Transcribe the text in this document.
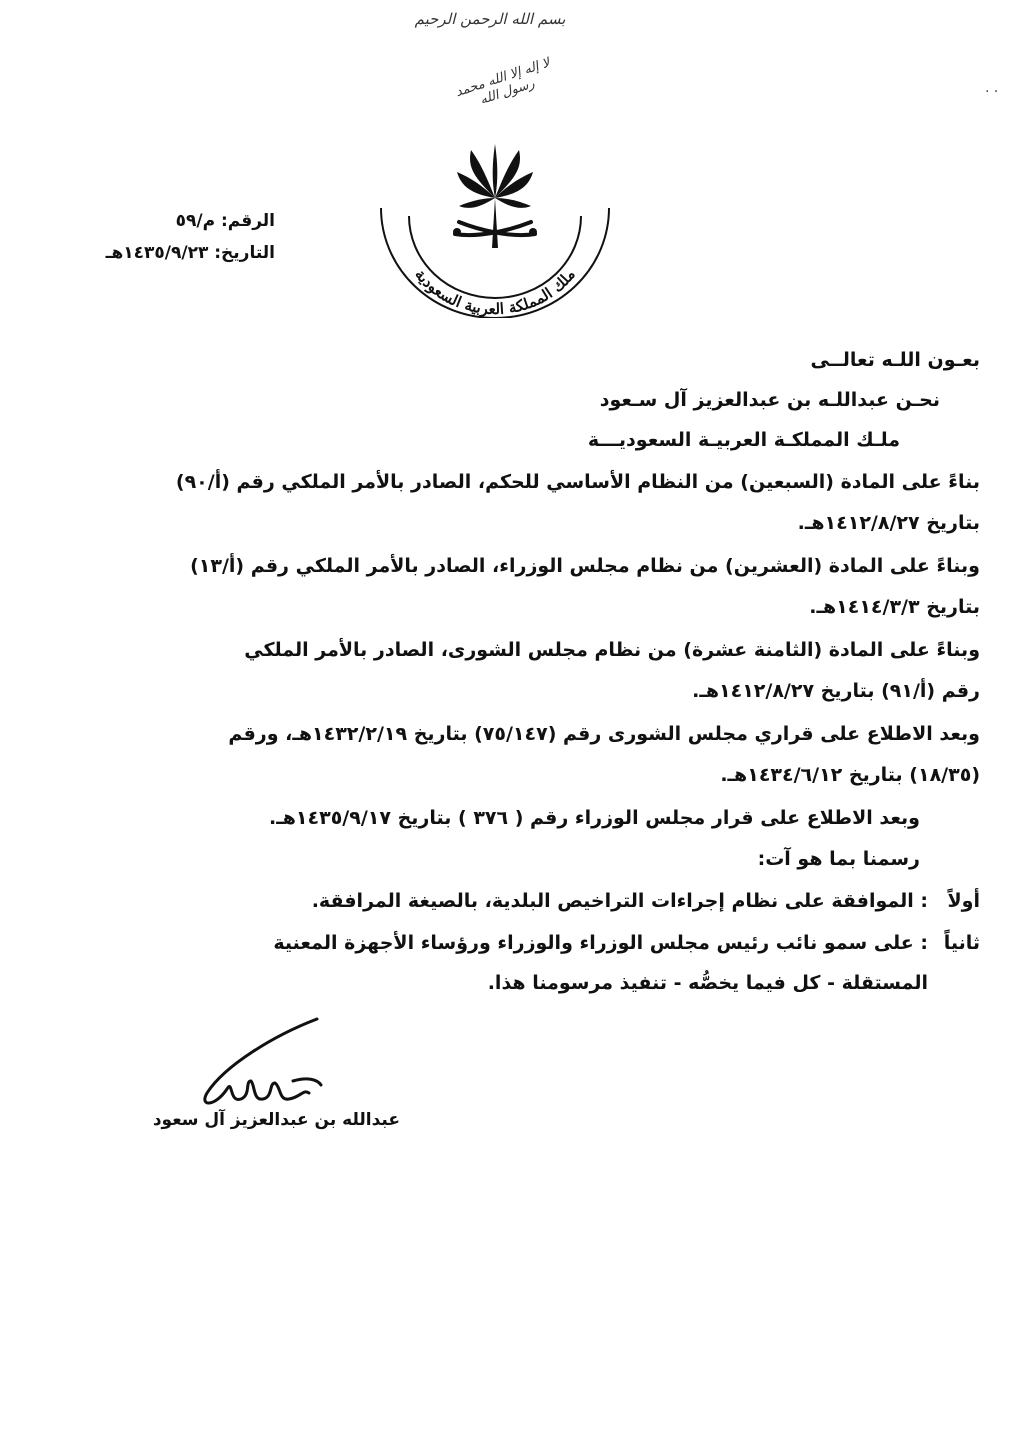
بسم الله الرحمن الرحيم
لا إله إلا الله محمد رسول الله
ملك المملكة العربية السعودية
الرقم: م/٥٩
التاريخ: ١٤٣٥/٩/٢٣هـ
. .
بعـون اللـه تعالــى
نحـن عبداللـه بن عبدالعزيز آل سـعود
ملـك المملكـة العربيـة السعوديـــة
بناءً على المادة (السبعين) من النظام الأساسي للحكم، الصادر بالأمر الملكي رقم (أ/٩٠)
بتاريخ ١٤١٢/٨/٢٧هـ.
وبناءً على المادة (العشرين) من نظام مجلس الوزراء، الصادر بالأمر الملكي رقم (أ/١٣)
بتاريخ ١٤١٤/٣/٣هـ.
وبناءً على المادة (الثامنة عشرة) من نظام مجلس الشورى، الصادر بالأمر الملكي
رقم (أ/٩١) بتاريخ ١٤١٢/٨/٢٧هـ.
وبعد الاطلاع على قراري مجلس الشورى رقم (٧٥/١٤٧) بتاريخ ١٤٣٢/٢/١٩هـ، ورقم
(١٨/٣٥) بتاريخ ١٤٣٤/٦/١٢هـ.
وبعد الاطلاع على قرار مجلس الوزراء رقم ( ٣٧٦ ) بتاريخ ١٤٣٥/٩/١٧هـ.
رسمنا بما هو آت:
أولاً
: الموافقة على نظام إجراءات التراخيص البلدية، بالصيغة المرافقة.
ثانياً
: على سمو نائب رئيس مجلس الوزراء والوزراء ورؤساء الأجهزة المعنية
المستقلة - كل فيما يخصُّه - تنفيذ مرسومنا هذا.
عبدالله بن عبدالعزيز آل سعود
